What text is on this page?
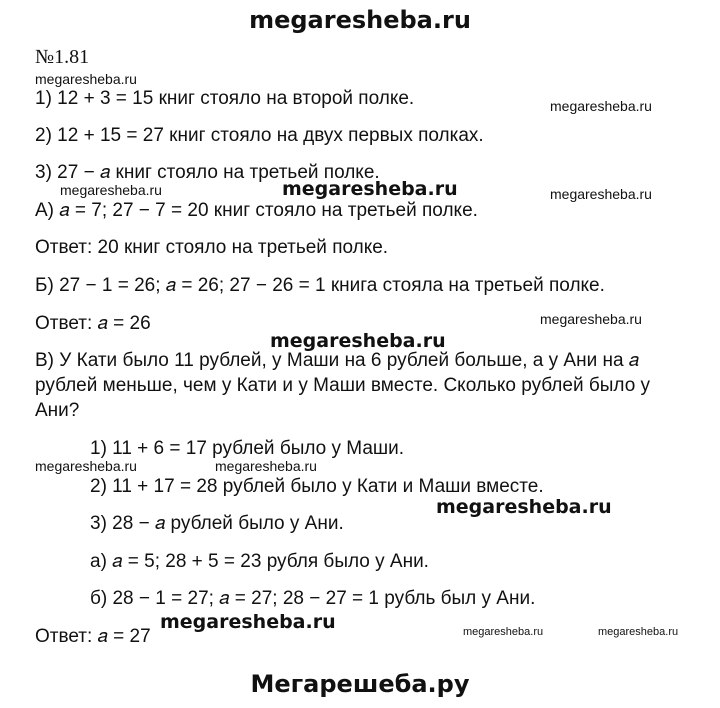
megaresheba.ru
№1.81
megaresheba.ru
1) 12 + 3 = 15 книг стояло на второй полке.	megaresheba.ru
2) 12 + 15 = 27 книг стояло на двух первых полках.
3) 27 − 𝑎 книг стояло на третьей полке.
megaresheba.ru	megaresheba.ru	megaresheba.ru
А) 𝑎 = 7; 27 − 7 = 20 книг стояло на третьей полке.
Ответ: 20 книг стояло на третьей полке.
Б) 27 − 1 = 26; 𝑎 = 26; 27 − 26 = 1 книга стояла на третьей полке.
Ответ: 𝑎 = 26	megaresheba.ru
megaresheba.ru
В) У Кати было 11 рублей, у Маши на 6 рублей больше, а у Ани на 𝑎
рублей меньше, чем у Кати и у Маши вместе. Сколько рублей было у
Ани?
1) 11 + 6 = 17 рублей было у Маши.
megaresheba.ru	megaresheba.ru
2) 11 + 17 = 28 рублей было у Кати и Маши вместе.
megaresheba.ru
3) 28 − 𝑎 рублей было у Ани.
а) 𝑎 = 5; 28 + 5 = 23 рубля было у Ани.
б) 28 − 1 = 27; 𝑎 = 27; 28 − 27 = 1 рубль был у Ани.
megaresheba.ru
Ответ: 𝑎 = 27	megaresheba.ru	megaresheba.ru
Мегарешеба.ру
